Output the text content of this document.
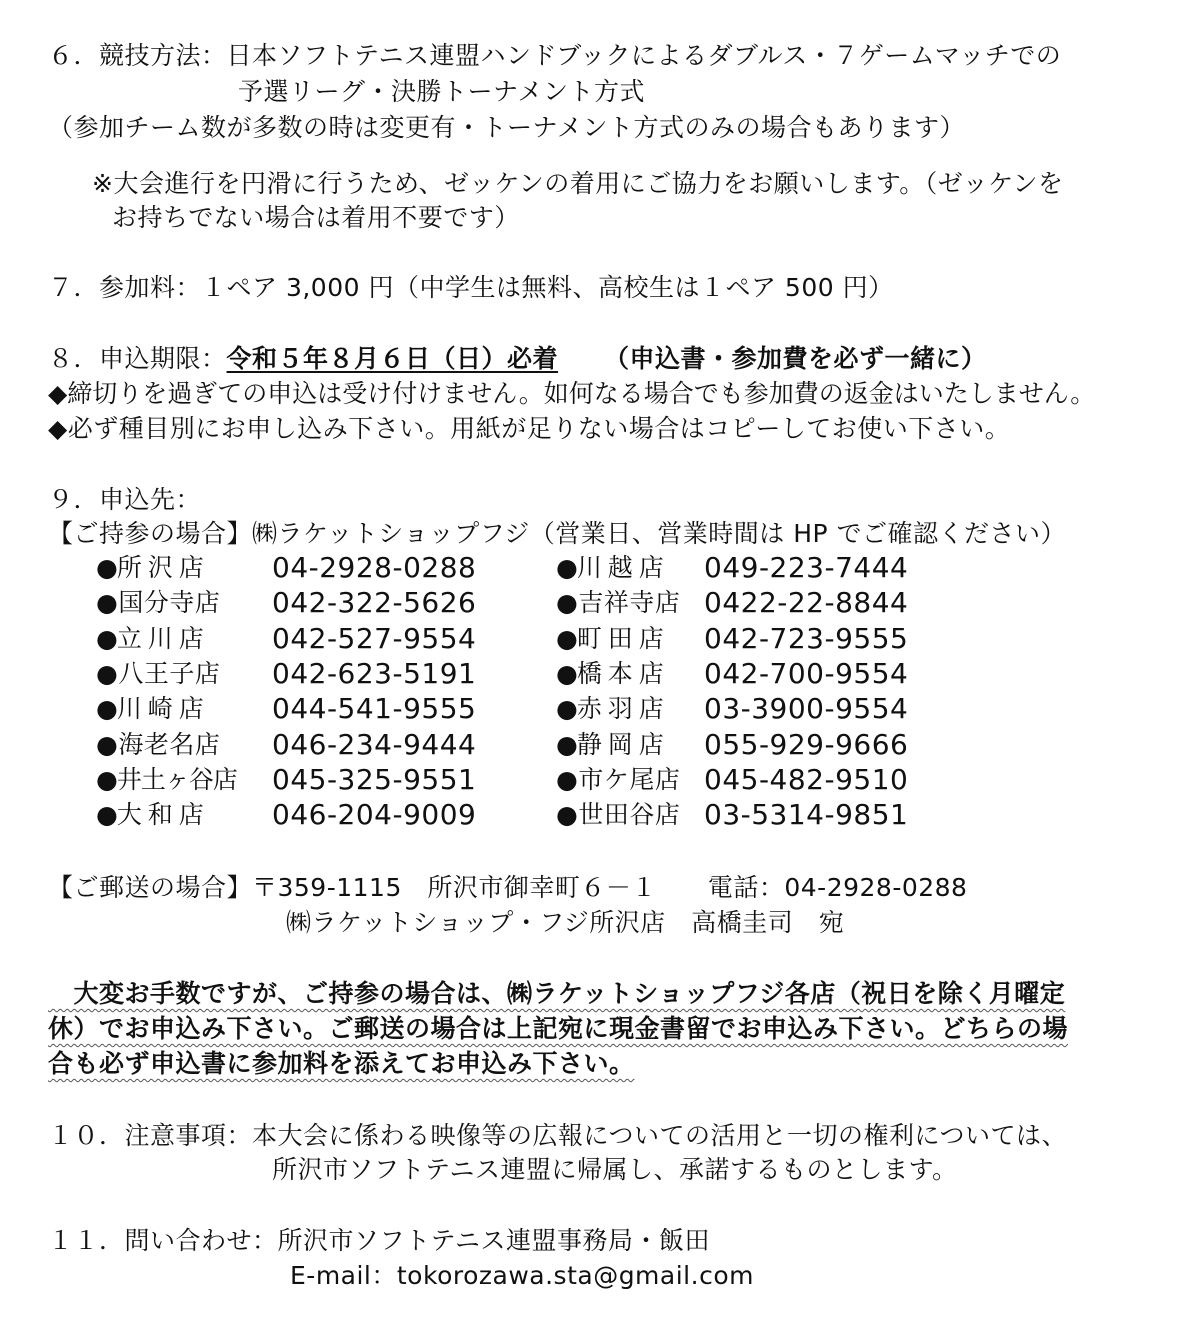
６．競技方法：日本ソフトテニス連盟ハンドブックによるダブルス・７ゲームマッチでの
予選リーグ・決勝トーナメント方式
（参加チーム数が多数の時は変更有・トーナメント方式のみの場合もあります）
※大会進行を円滑に行うため、ゼッケンの着用にご協力をお願いします。（ゼッケンを
お持ちでない場合は着用不要です）
７．参加料：１ペア 3,000 円（中学生は無料、高校生は１ペア 500 円）
８．申込期限：令和５年８月６日（日）必着 （申込書・参加費を必ず一緒に）
◆締切りを過ぎての申込は受け付けません。如何なる場合でも参加費の返金はいたしません。
◆必ず種目別にお申し込み下さい。用紙が足りない場合はコピーしてお使い下さい。
９．申込先：
【ご持参の場合】㈱ラケットショップフジ（営業日、営業時間は HP でご確認ください）
●所 沢 店 04-2928-0288
●国分寺店 042-322-5626
●立 川 店 042-527-9554
●八王子店 042-623-5191
●川 崎 店 044-541-9555
●海老名店 046-234-9444
●井土ヶ谷店 045-325-9551
●大 和 店 046-204-9009
●川 越 店 049-223-7444
●吉祥寺店 0422-22-8844
●町 田 店 042-723-9555
●橋 本 店 042-700-9554
●赤 羽 店 03-3900-9554
●静 岡 店 055-929-9666
●市ケ尾店 045-482-9510
●世田谷店 03-5314-9851
【ご郵送の場合】〒359-1115　所沢市御幸町６－１　　電話：04-2928-0288
㈱ラケットショップ・フジ所沢店　高橋圭司　宛
　大変お手数ですが、ご持参の場合は、㈱ラケットショップフジ各店（祝日を除く月曜定
休）でお申込み下さい。ご郵送の場合は上記宛に現金書留でお申込み下さい。どちらの場
合も必ず申込書に参加料を添えてお申込み下さい。
１０．注意事項：本大会に係わる映像等の広報についての活用と一切の権利については、
所沢市ソフトテニス連盟に帰属し、承諾するものとします。
１１．問い合わせ：所沢市ソフトテニス連盟事務局・飯田
E-mail：tokorozawa.sta@gmail.com
